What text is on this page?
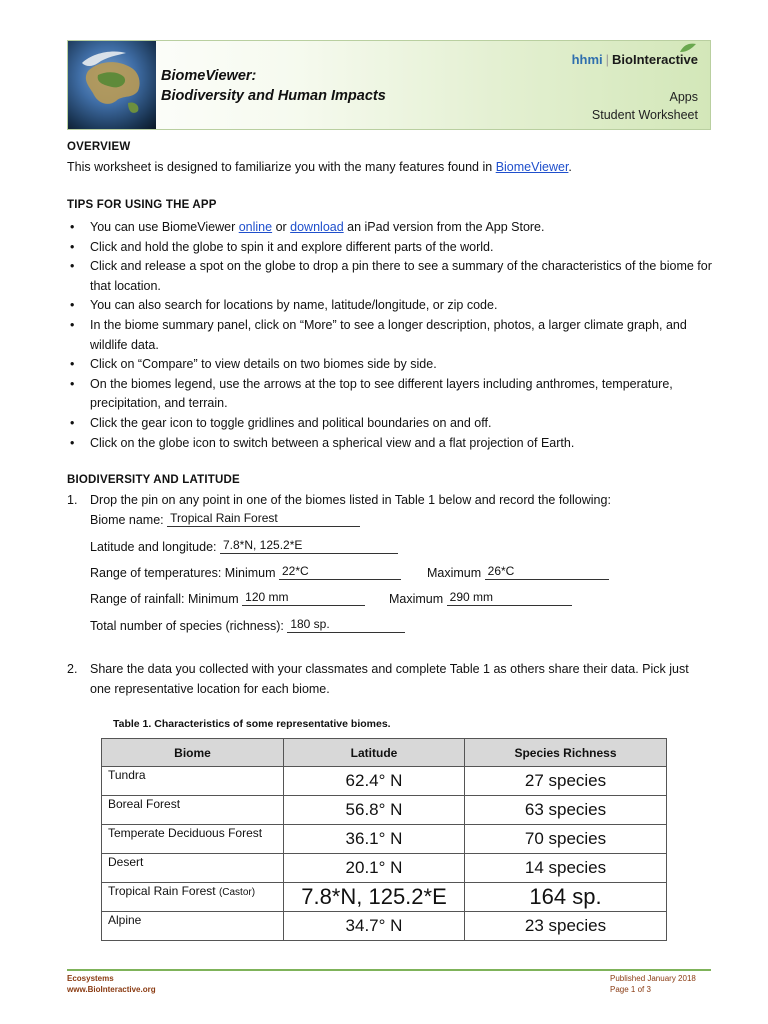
BiomeViewer:
Biodiversity and Human Impacts
hhmi | BioInteractive
Apps
Student Worksheet
OVERVIEW
This worksheet is designed to familiarize you with the many features found in BiomeViewer.
TIPS FOR USING THE APP
• You can use BiomeViewer online or download an iPad version from the App Store.
• Click and hold the globe to spin it and explore different parts of the world.
• Click and release a spot on the globe to drop a pin there to see a summary of the characteristics of the biome for that location.
• You can also search for locations by name, latitude/longitude, or zip code.
• In the biome summary panel, click on “More” to see a longer description, photos, a larger climate graph, and wildlife data.
• Click on “Compare” to view details on two biomes side by side.
• On the biomes legend, use the arrows at the top to see different layers including anthromes, temperature, precipitation, and terrain.
• Click the gear icon to toggle gridlines and political boundaries on and off.
• Click on the globe icon to switch between a spherical view and a flat projection of Earth.
BIODIVERSITY AND LATITUDE
1. Drop the pin on any point in one of the biomes listed in Table 1 below and record the following:
Biome name: Tropical Rain Forest
Latitude and longitude: 7.8*N, 125.2*E
Range of temperatures: Minimum 22*C	Maximum 26*C
Range of rainfall: Minimum 120 mm	Maximum 290 mm
Total number of species (richness): 180 sp.
2. Share the data you collected with your classmates and complete Table 1 as others share their data. Pick just
one representative location for each biome.
Table 1. Characteristics of some representative biomes.
Biome	Latitude	Species Richness
Tundra	62.4° N	27 species
Boreal Forest	56.8° N	63 species
Temperate Deciduous Forest	36.1° N	70 species
Desert	20.1° N	14 species
Tropical Rain Forest (Castor)	7.8*N, 125.2*E	164 sp.
Alpine	34.7° N	23 species
Ecosystems
www.BioInteractive.org
Published January 2018
Page 1 of 3
